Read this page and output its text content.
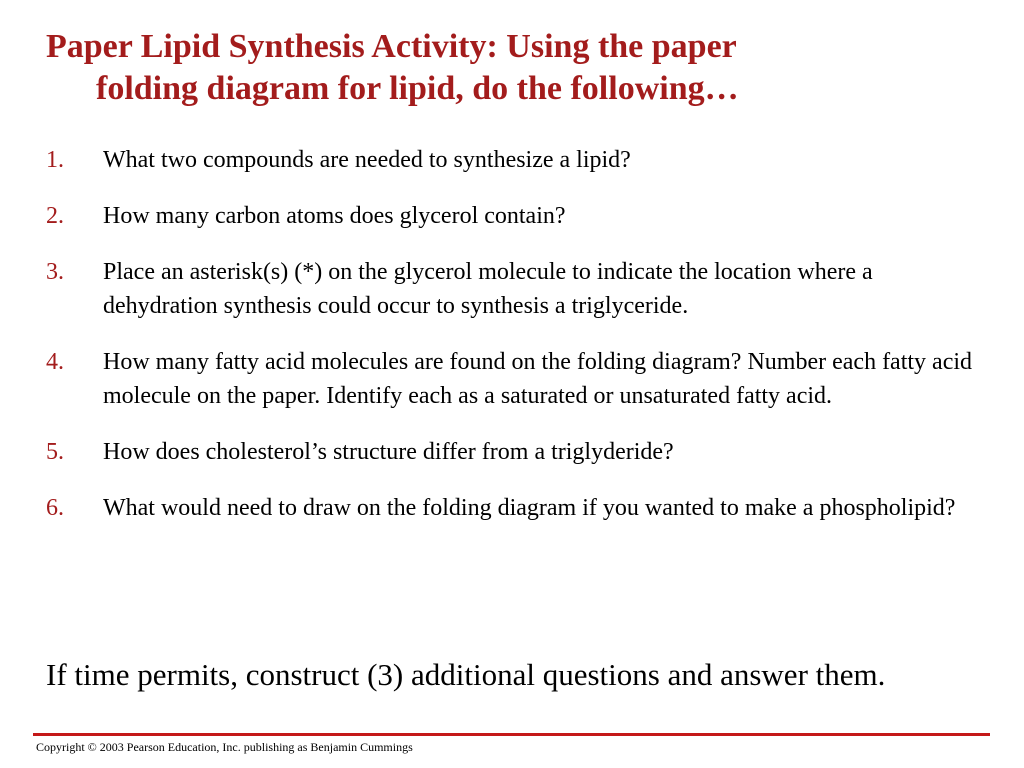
Paper Lipid Synthesis Activity: Using the paper
folding diagram for lipid, do the following…
1. What two compounds are needed to synthesize a lipid?
2. How many carbon atoms does glycerol contain?
3. Place an asterisk(s) (*) on the glycerol molecule to indicate the location where a dehydration synthesis could occur to synthesis a triglyceride.
4. How many fatty acid molecules are found on the folding diagram? Number each fatty acid molecule on the paper. Identify each as a saturated or unsaturated fatty acid.
5. How does cholesterol’s structure differ from a triglyderide?
6. What would need to draw on the folding diagram if you wanted to make a phospholipid?

If time permits, construct (3) additional questions and answer them.

Copyright © 2003 Pearson Education, Inc. publishing as Benjamin Cummings
